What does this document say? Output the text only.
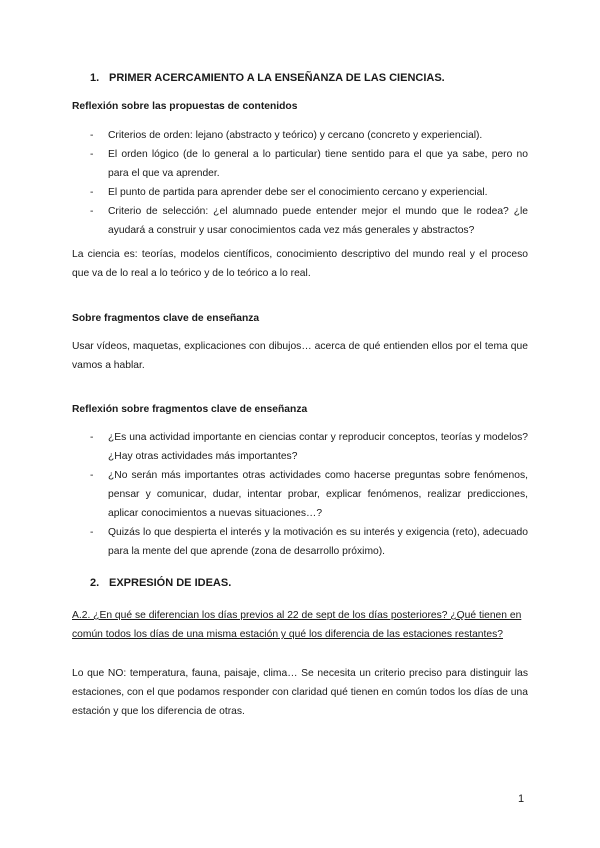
1. PRIMER ACERCAMIENTO A LA ENSEÑANZA DE LAS CIENCIAS.
Reflexión sobre las propuestas de contenidos
- Criterios de orden: lejano (abstracto y teórico) y cercano (concreto y experiencial).
- El orden lógico (de lo general a lo particular) tiene sentido para el que ya sabe, pero no para el que va aprender.
- El punto de partida para aprender debe ser el conocimiento cercano y experiencial.
- Criterio de selección: ¿el alumnado puede entender mejor el mundo que le rodea? ¿le ayudará a construir y usar conocimientos cada vez más generales y abstractos?
La ciencia es: teorías, modelos científicos, conocimiento descriptivo del mundo real y el proceso que va de lo real a lo teórico y de lo teórico a lo real.
Sobre fragmentos clave de enseñanza
Usar vídeos, maquetas, explicaciones con dibujos… acerca de qué entienden ellos por el tema que vamos a hablar.
Reflexión sobre fragmentos clave de enseñanza
- ¿Es una actividad importante en ciencias contar y reproducir conceptos, teorías y modelos? ¿Hay otras actividades más importantes?
- ¿No serán más importantes otras actividades como hacerse preguntas sobre fenómenos, pensar y comunicar, dudar, intentar probar, explicar fenómenos, realizar predicciones, aplicar conocimientos a nuevas situaciones…?
- Quizás lo que despierta el interés y la motivación es su interés y exigencia (reto), adecuado para la mente del que aprende (zona de desarrollo próximo).
2. EXPRESIÓN DE IDEAS.
A.2. ¿En qué se diferencian los días previos al 22 de sept de los días posteriores? ¿Qué tienen en común todos los días de una misma estación y qué los diferencia de las estaciones restantes?
Lo que NO: temperatura, fauna, paisaje, clima… Se necesita un criterio preciso para distinguir las estaciones, con el que podamos responder con claridad qué tienen en común todos los días de una estación y que los diferencia de otras.
1
